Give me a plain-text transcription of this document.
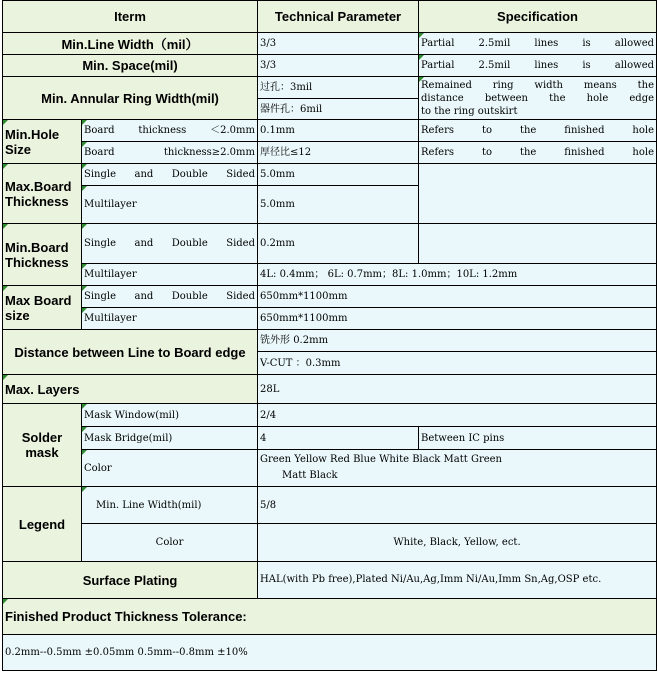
Iterm		Technical Parameter	Specification
Min.Line Width（mil）		3/3	Partial 2.5mil lines is allowed
Min. Space(mil)		3/3	Partial 2.5mil lines is allowed
Min. Annular Ring Width(mil)		过孔：3mil	Remained ring width means the
distance between the hole edge
to the ring outskirt

		器件孔：6mil	

Min.Hole
Size	Board thickness ＜2.0mm	0.1mm	Refers to the finished hole
	Board thickness≥2.0mm	厚径比≤12	Refers to the finished hole

Max.Board
Thickness	Single and Double Sided	5.0mm	
	Multilayer	5.0mm	

Min.Board
Thickness	Single and Double Sided	0.2mm	
	Multilayer	4L: 0.4mm； 6L: 0.7mm；8L: 1.0mm；10L: 1.2mm	

Max Board
size	Single and Double Sided	650mm*1100mm	
	Multilayer	650mm*1100mm	
Distance between Line to Board edge		铣外形 0.2mm	
		V-CUT ：0.3mm	
Max. Layers		28L	

Solder
mask	Mask Window(mil)	2/4	
	Mask Bridge(mil)	4	Between IC pins
	Color	Green Yellow Red Blue White Black Matt Green
Matt Black	

Legend	Min. Line Width(mil)	5/8	
	Color	White, Black, Yellow, ect.	
Surface Plating		HAL(with Pb free),Plated Ni/Au,Ag,Imm Ni/Au,Imm Sn,Ag,OSP etc.	
Finished Product Thickness Tolerance:			
0.2mm--0.5mm ±0.05mm 0.5mm--0.8mm ±10%			
